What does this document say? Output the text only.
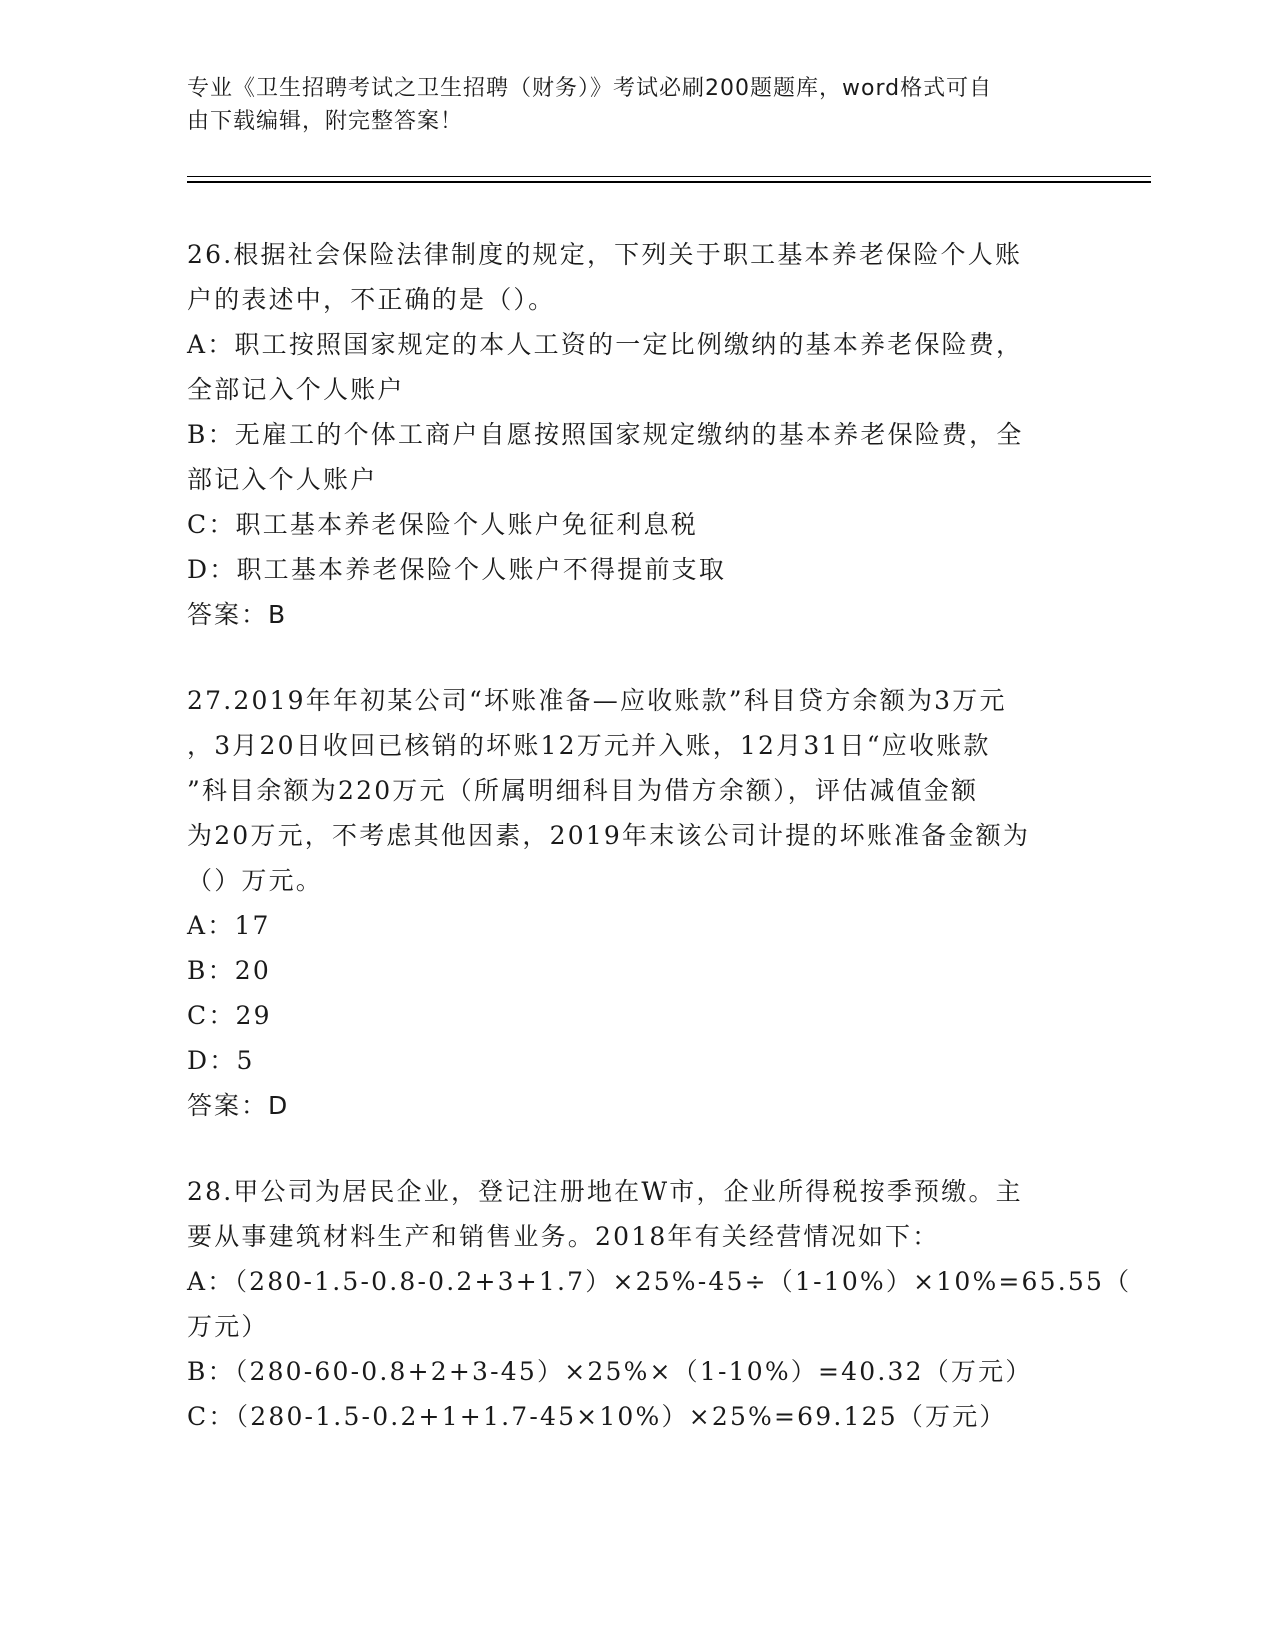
专业《卫生招聘考试之卫生招聘（财务）》考试必刷200题题库，word格式可自
由下载编辑，附完整答案！
26.根据社会保险法律制度的规定，下列关于职工基本养老保险个人账
户的表述中，不正确的是（）。
A：职工按照国家规定的本人工资的一定比例缴纳的基本养老保险费，
全部记入个人账户
B：无雇工的个体工商户自愿按照国家规定缴纳的基本养老保险费，全
部记入个人账户
C：职工基本养老保险个人账户免征利息税
D：职工基本养老保险个人账户不得提前支取
答案：B
27.2019年年初某公司“坏账准备—应收账款”科目贷方余额为3万元
，3月20日收回已核销的坏账12万元并入账，12月31日“应收账款
”科目余额为220万元（所属明细科目为借方余额），评估减值金额
为20万元，不考虑其他因素，2019年末该公司计提的坏账准备金额为
（）万元。
A：17
B：20
C：29
D：5
答案：D
28.甲公司为居民企业，登记注册地在W市，企业所得税按季预缴。主
要从事建筑材料生产和销售业务。2018年有关经营情况如下：
A：（280-1.5-0.8-0.2+3+1.7）×25%-45÷（1-10%）×10%=65.55（
万元）
B：（280-60-0.8+2+3-45）×25%×（1-10%）=40.32（万元）
C：（280-1.5-0.2+1+1.7-45×10%）×25%=69.125（万元）
